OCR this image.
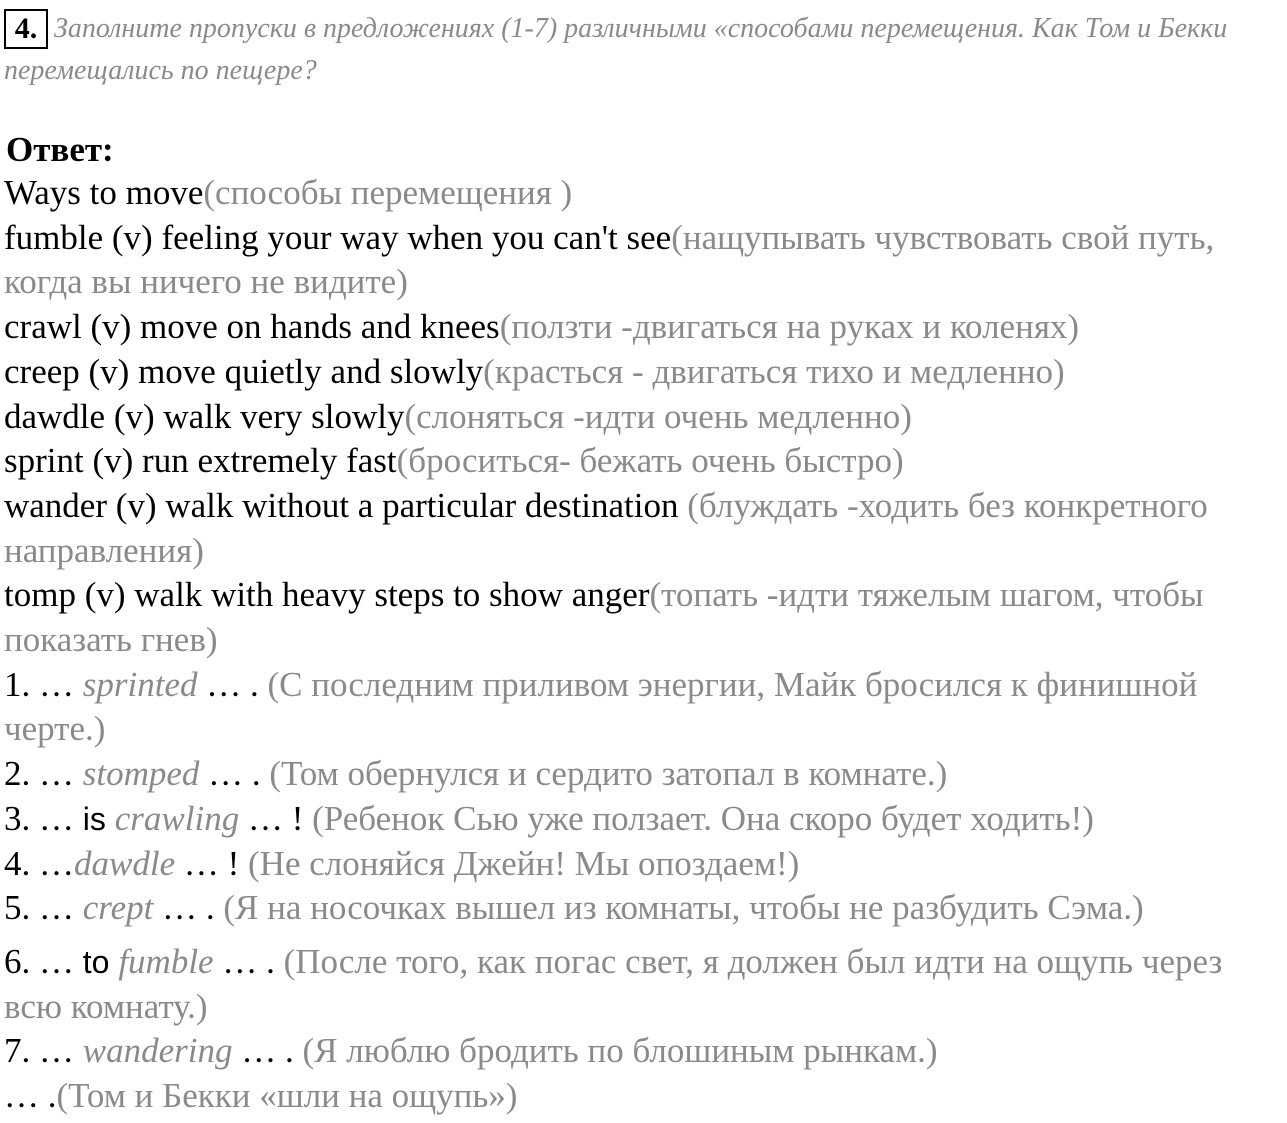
4. Заполните пропуски в предложениях (1-7) различными «способами перемещения. Как Том и Бекки перемещались по пещере?
Ответ:
Ways to move(способы перемещения )
fumble (v) feeling your way when you can't see(нащупывать чувствовать свой путь, когда вы ничего не видите)
crawl (v) move on hands and knees(ползти -двигаться на руках и коленях)
creep (v) move quietly and slowly(красться - двигаться тихо и медленно)
dawdle (v) walk very slowly(слоняться -идти очень медленно)
sprint (v) run extremely fast(броситься- бежать очень быстро)
wander (v) walk without a particular destination (блуждать -ходить без конкретного направления)
tomp (v) walk with heavy steps to show anger(топать -идти тяжелым шагом, чтобы показать гнев)
1. … sprinted … . (С последним приливом энергии, Майк бросился к финишной черте.)
2. … stomped … . (Том обернулся и сердито затопал в комнате.)
3. … is crawling … ! (Ребенок Сью уже ползает. Она скоро будет ходить!)
4. …dawdle … ! (Не слоняйся Джейн! Мы опоздаем!)
5. … crept … . (Я на носочках вышел из комнаты, чтобы не разбудить Сэма.)
6. … to fumble … . (После того, как погас свет, я должен был идти на ощупь через всю комнату.)
7. … wandering … . (Я люблю бродить по блошиным рынкам.)
… .(Том и Бекки «шли на ощупь»)
